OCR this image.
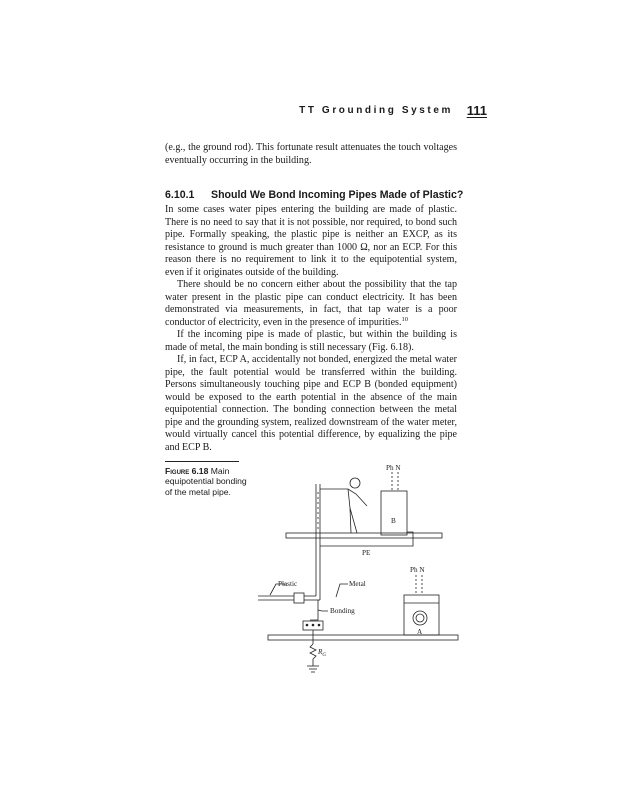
TT Grounding System 111

(e.g., the ground rod). This fortunate result attenuates the touch voltages eventually occurring in the building.

6.10.1 Should We Bond Incoming Pipes Made of Plastic?

In some cases water pipes entering the building are made of plastic. There is no need to say that it is not possible, nor required, to bond such pipe. Formally speaking, the plastic pipe is neither an EXCP, as its resistance to ground is much greater than 1000 Ω, nor an ECP. For this reason there is no requirement to link it to the equipotential system, even if it originates outside of the building.

There should be no concern either about the possibility that the tap water present in the plastic pipe can conduct electricity. It has been demonstrated via measurements, in fact, that tap water is a poor conductor of electricity, even in the presence of impurities.$^{10}$

If the incoming pipe is made of plastic, but within the building is made of metal, the main bonding is still necessary (Fig. 6.18).

If, in fact, ECP A, accidentally not bonded, energized the metal water pipe, the fault potential would be transferred within the building. Persons simultaneously touching pipe and ECP B (bonded equipment) would be exposed to the earth potential in the absence of the main equipotential connection. The bonding connection between the metal pipe and the grounding system, realized downstream of the water meter, would virtually cancel this potential difference, by equalizing the pipe and ECP B.

Figure 6.18 Main equipotential bonding of the metal pipe.
Ph N
B
PE
Ph N
Plastic	Metal
Bonding
A
$R_G$
